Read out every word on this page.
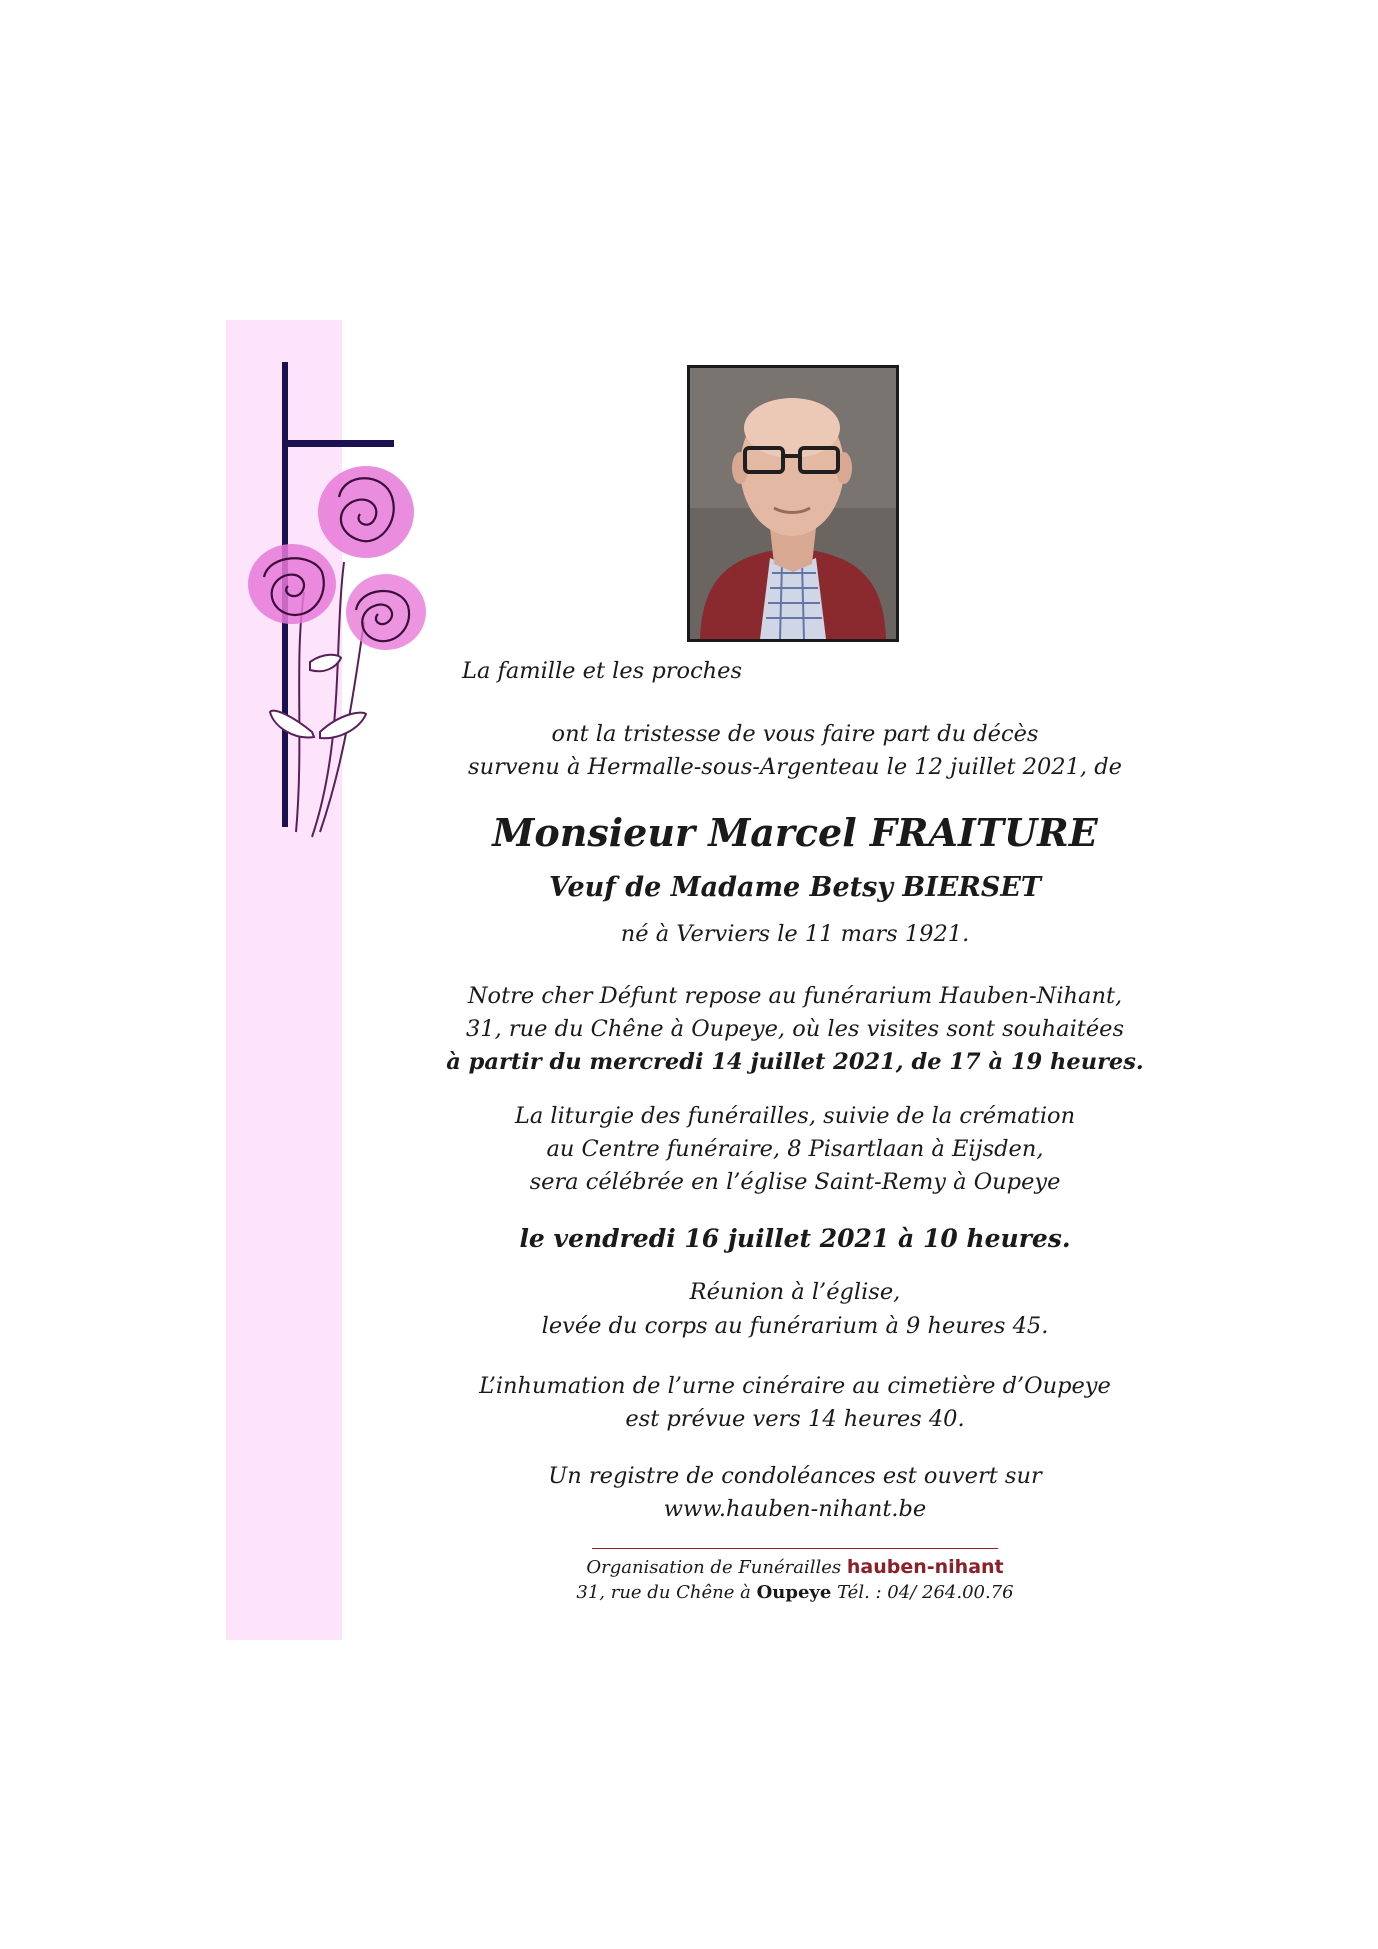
La famille et les proches

ont la tristesse de vous faire part du décès

survenu à Hermalle-sous-Argenteau le 12 juillet 2021, de

Monsieur Marcel FRAITURE

Veuf de Madame Betsy BIERSET

né à Verviers le 11 mars 1921.

Notre cher Défunt repose au funérarium Hauben-Nihant,

31, rue du Chêne à Oupeye, où les visites sont souhaitées

à partir du mercredi 14 juillet 2021, de 17 à 19 heures.

La liturgie des funérailles, suivie de la crémation

au Centre funéraire, 8 Pisartlaan à Eijsden,

sera célébrée en l’église Saint-Remy à Oupeye

le vendredi 16 juillet 2021 à 10 heures.

Réunion à l’église,

levée du corps au funérarium à 9 heures 45.

L’inhumation de l’urne cinéraire au cimetière d’Oupeye

est prévue vers 14 heures 40.

Un registre de condoléances est ouvert sur

www.hauben-nihant.be

Organisation de Funérailles hauben-nihant

31, rue du Chêne à Oupeye Tél. : 04/ 264.00.76
